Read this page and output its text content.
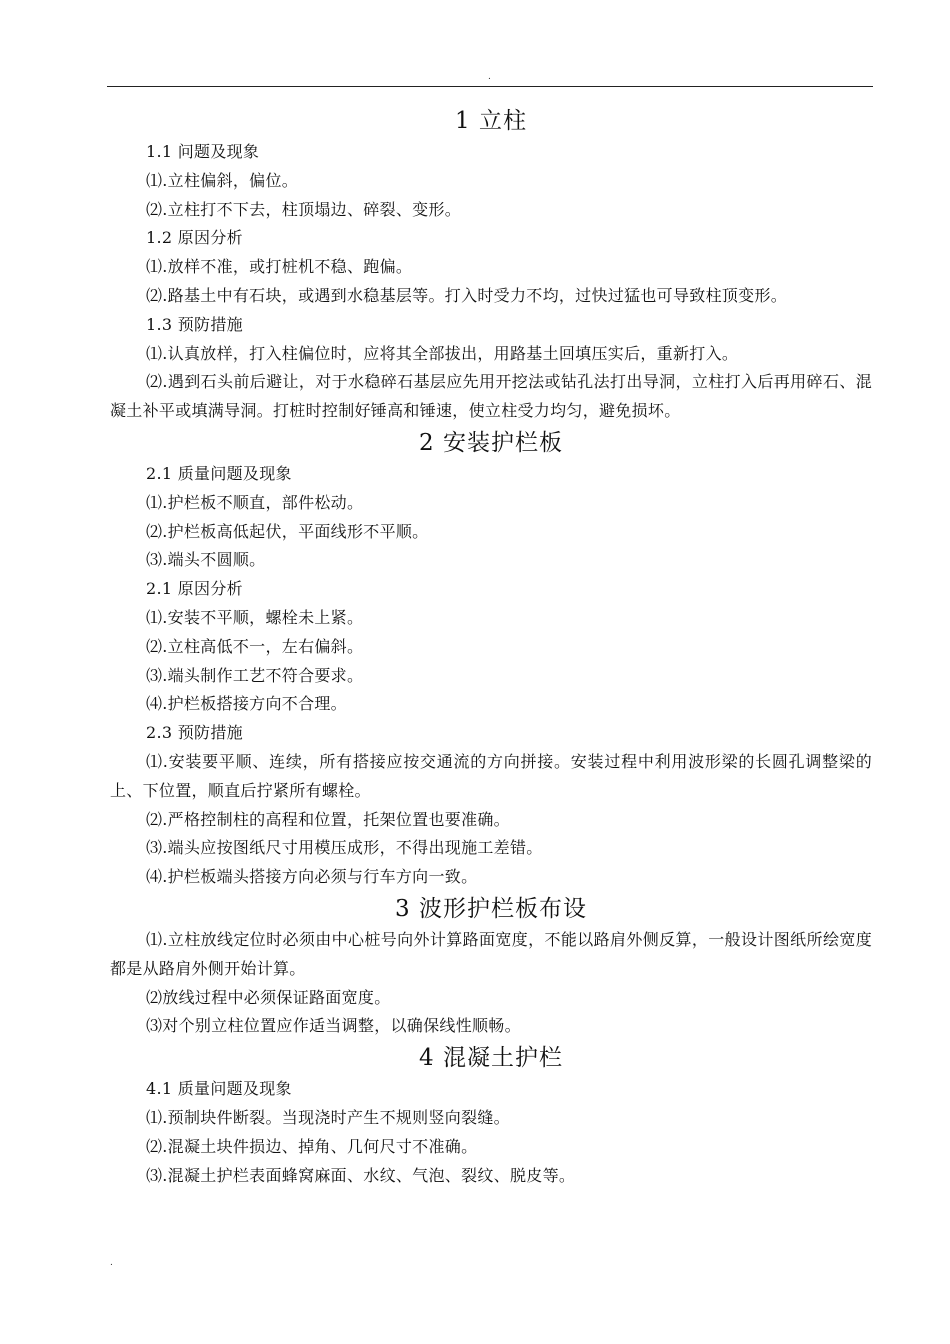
.
1 立柱

1.1 问题及现象

⑴.立柱偏斜，偏位。

⑵.立柱打不下去，柱顶塌边、碎裂、变形。

1.2 原因分析

⑴.放样不准，或打桩机不稳、跑偏。

⑵.路基土中有石块，或遇到水稳基层等。打入时受力不均，过快过猛也可导致柱顶变形。

1.3 预防措施

⑴.认真放样，打入柱偏位时，应将其全部拔出，用路基土回填压实后，重新打入。

⑵.遇到石头前后避让，对于水稳碎石基层应先用开挖法或钻孔法打出导洞，立柱打入后再用碎石、混凝土补平或填满导洞。打桩时控制好锤高和锤速，使立柱受力均匀，避免损坏。

2 安装护栏板

2.1 质量问题及现象

⑴.护栏板不顺直，部件松动。

⑵.护栏板高低起伏，平面线形不平顺。

⑶.端头不圆顺。

2.1 原因分析

⑴.安装不平顺，螺栓未上紧。

⑵.立柱高低不一，左右偏斜。

⑶.端头制作工艺不符合要求。

⑷.护栏板搭接方向不合理。

2.3 预防措施

⑴.安装要平顺、连续，所有搭接应按交通流的方向拼接。安装过程中利用波形梁的长圆孔调整梁的上、下位置，顺直后拧紧所有螺栓。

⑵.严格控制柱的高程和位置，托架位置也要准确。

⑶.端头应按图纸尺寸用模压成形，不得出现施工差错。

⑷.护栏板端头搭接方向必须与行车方向一致。

3 波形护栏板布设

⑴.立柱放线定位时必须由中心桩号向外计算路面宽度，不能以路肩外侧反算，一般设计图纸所绘宽度都是从路肩外侧开始计算。

⑵放线过程中必须保证路面宽度。

⑶对个别立柱位置应作适当调整，以确保线性顺畅。

4 混凝土护栏

4.1 质量问题及现象

⑴.预制块件断裂。当现浇时产生不规则竖向裂缝。

⑵.混凝土块件损边、掉角、几何尺寸不准确。

⑶.混凝土护栏表面蜂窝麻面、水纹、气泡、裂纹、脱皮等。

.
